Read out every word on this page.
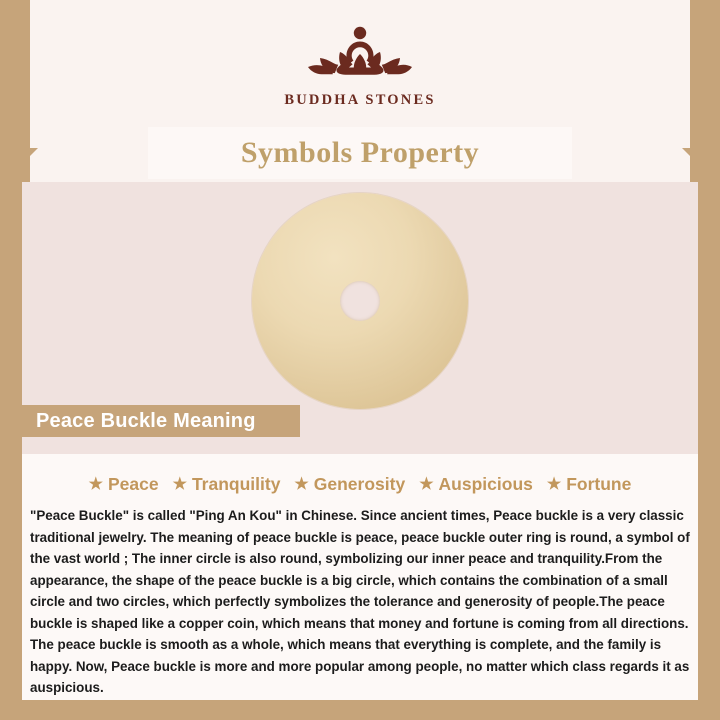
BUDDHA STONES
Symbols Property
Peace Buckle Meaning
★ Peace ★ Tranquility ★ Generosity ★ Auspicious ★ Fortune
"Peace Buckle" is called "Ping An Kou" in Chinese. Since ancient times, Peace buckle is a very classic traditional jewelry. The meaning of peace buckle is peace, peace buckle outer ring is round, a symbol of the vast world ; The inner circle is also round, symbolizing our inner peace and tranquility.From the appearance, the shape of the peace buckle is a big circle, which contains the combination of a small circle and two circles, which perfectly symbolizes the tolerance and generosity of people.The peace buckle is shaped like a copper coin, which means that money and fortune is coming from all directions. The peace buckle is smooth as a whole, which means that everything is complete, and the family is happy. Now, Peace buckle is more and more popular among people, no matter which class regards it as auspicious.
